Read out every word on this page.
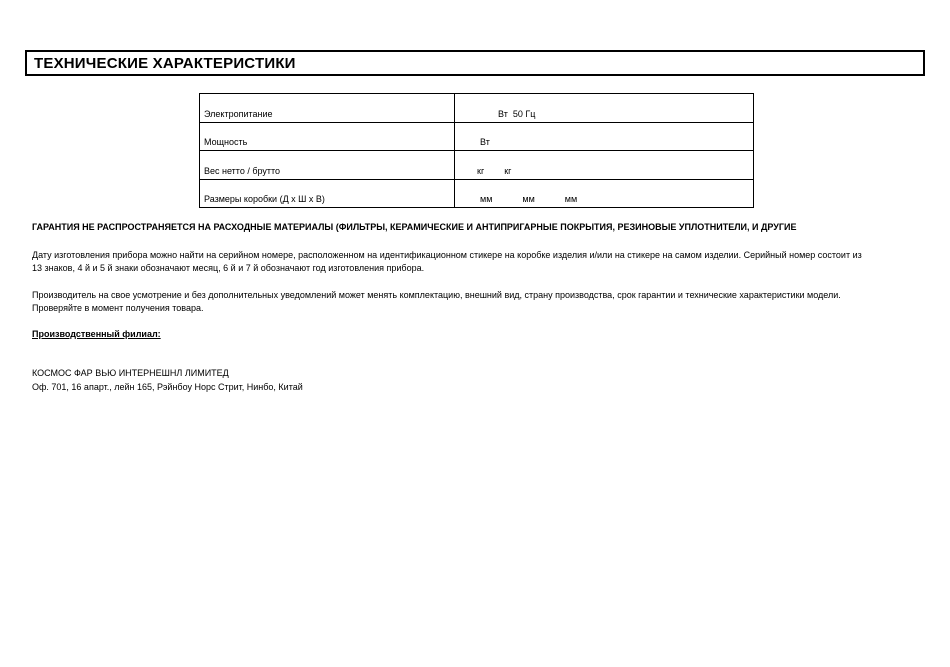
ТЕХНИЧЕСКИЕ ХАРАКТЕРИСТИКИ
Электропитание	Вт  50 Гц

Мощность	Вт

Вес нетто / брутто	кг        кг

Размеры коробки (Д х Ш х В)	мм            мм            мм
ГАРАНТИЯ НЕ РАСПРОСТРАНЯЕТСЯ НА РАСХОДНЫЕ МАТЕРИАЛЫ (ФИЛЬТРЫ, КЕРАМИЧЕСКИЕ И АНТИПРИГАРНЫЕ ПОКРЫТИЯ, РЕЗИНОВЫЕ УПЛОТНИТЕЛИ, И ДРУГИЕ
Дату изготовления прибора можно найти на серийном номере, расположенном на идентификационном стикере на коробке изделия и/или на стикере на самом изделии. Серийный номер состоит из
13 знаков, 4 й и 5 й знаки обозначают месяц, 6 й и 7 й обозначают год изготовления прибора.
Производитель на свое усмотрение и без дополнительных уведомлений может менять комплектацию, внешний вид, страну производства, срок гарантии и технические характеристики модели.
Проверяйте в момент получения товара.
Производственный филиал:
КОСМОС ФАР ВЬЮ ИНТЕРНЕШНЛ ЛИМИТЕД
Оф. 701, 16 апарт., лейн 165, Рэйнбоу Норс Стрит, Нинбо, Китай
